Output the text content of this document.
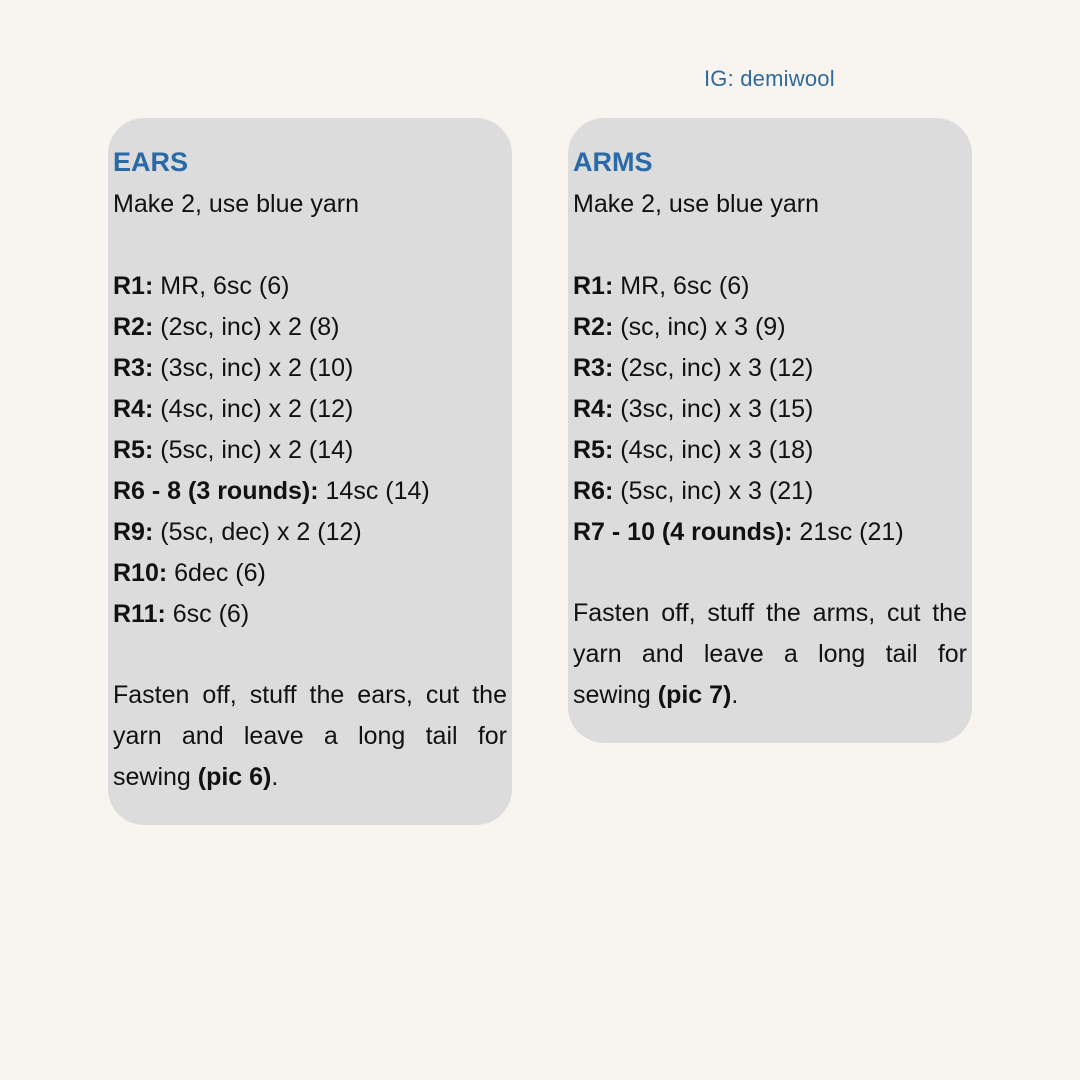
IG: demiwool
EARS
Make 2, use blue yarn
R1: MR, 6sc (6)
R2: (2sc, inc) x 2 (8)
R3: (3sc, inc) x 2 (10)
R4: (4sc, inc) x 2 (12)
R5: (5sc, inc) x 2 (14)
R6 - 8 (3 rounds): 14sc (14)
R9: (5sc, dec) x 2 (12)
R10: 6dec (6)
R11: 6sc (6)
Fasten off, stuff the ears, cut the yarn and leave a long tail for sewing (pic 6).
ARMS
Make 2, use blue yarn
R1: MR, 6sc (6)
R2: (sc, inc) x 3 (9)
R3: (2sc, inc) x 3 (12)
R4: (3sc, inc) x 3 (15)
R5: (4sc, inc) x 3 (18)
R6: (5sc, inc) x 3 (21)
R7 - 10 (4 rounds): 21sc (21)
Fasten off, stuff the arms, cut the yarn and leave a long tail for sewing (pic 7).
